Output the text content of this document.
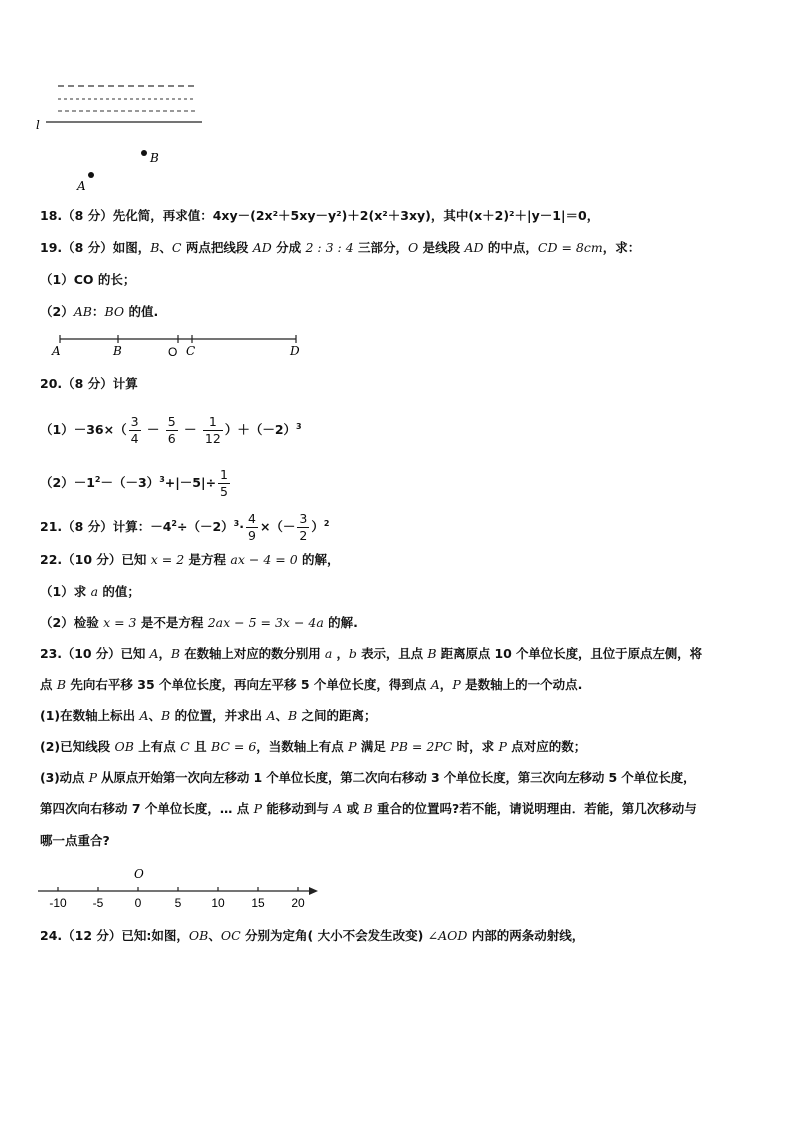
l
B
A
18.（8 分）先化简，再求值：4xy－(2x²＋5xy－y²)＋2(x²＋3xy)，其中(x＋2)²＋|y－1|＝0，
19.（8 分）如图，B、C 两点把线段 AD 分成 2 : 3 : 4 三部分，O 是线段 AD 的中点，CD = 8cm，求：
（1）CO 的长；
（2）AB：BO 的值.
A	B	O C	D
20.（8 分）计算
$(1)-36\times( \frac{3}{4} - \frac{5}{6} - \frac{1}{12} )+(-2)^3$
$(2)-1^2-(-3)^3+|-5|\div \frac{1}{5}$
21.（8 分）计算：$-4^2\div(-2)^3\cdot \frac{4}{9}$ ×（－ $\frac{3}{2} )^2$
22.（10 分）已知 x = 2 是方程 ax − 4 = 0 的解，
（1）求 a 的值；
（2）检验 x = 3 是不是方程 2ax − 5 = 3x − 4a 的解.
23.（10 分）已知 A，B 在数轴上对应的数分别用 a ，b 表示，且点 B 距离原点 10 个单位长度，且位于原点左侧，将
点 B 先向右平移 35 个单位长度，再向左平移 5 个单位长度，得到点 A，P 是数轴上的一个动点.
(1)在数轴上标出 A、B 的位置，并求出 A、B 之间的距离；
(2)已知线段 OB 上有点 C 且 BC = 6，当数轴上有点 P 满足 PB = 2PC 时，求 P 点对应的数；
(3)动点 P 从原点开始第一次向左移动 1 个单位长度，第二次向右移动 3 个单位长度，第三次向左移动 5 个单位长度，
第四次向右移动 7 个单位长度，… 点 P 能移动到与 A 或 B 重合的位置吗?若不能，请说明理由．若能，第几次移动与
哪一点重合?
O
-10 -5	0	5 10 15 20
24.（12 分）已知:如图，OB、OC 分别为定角( 大小不会发生改变) ∠AOD 内部的两条动射线，
